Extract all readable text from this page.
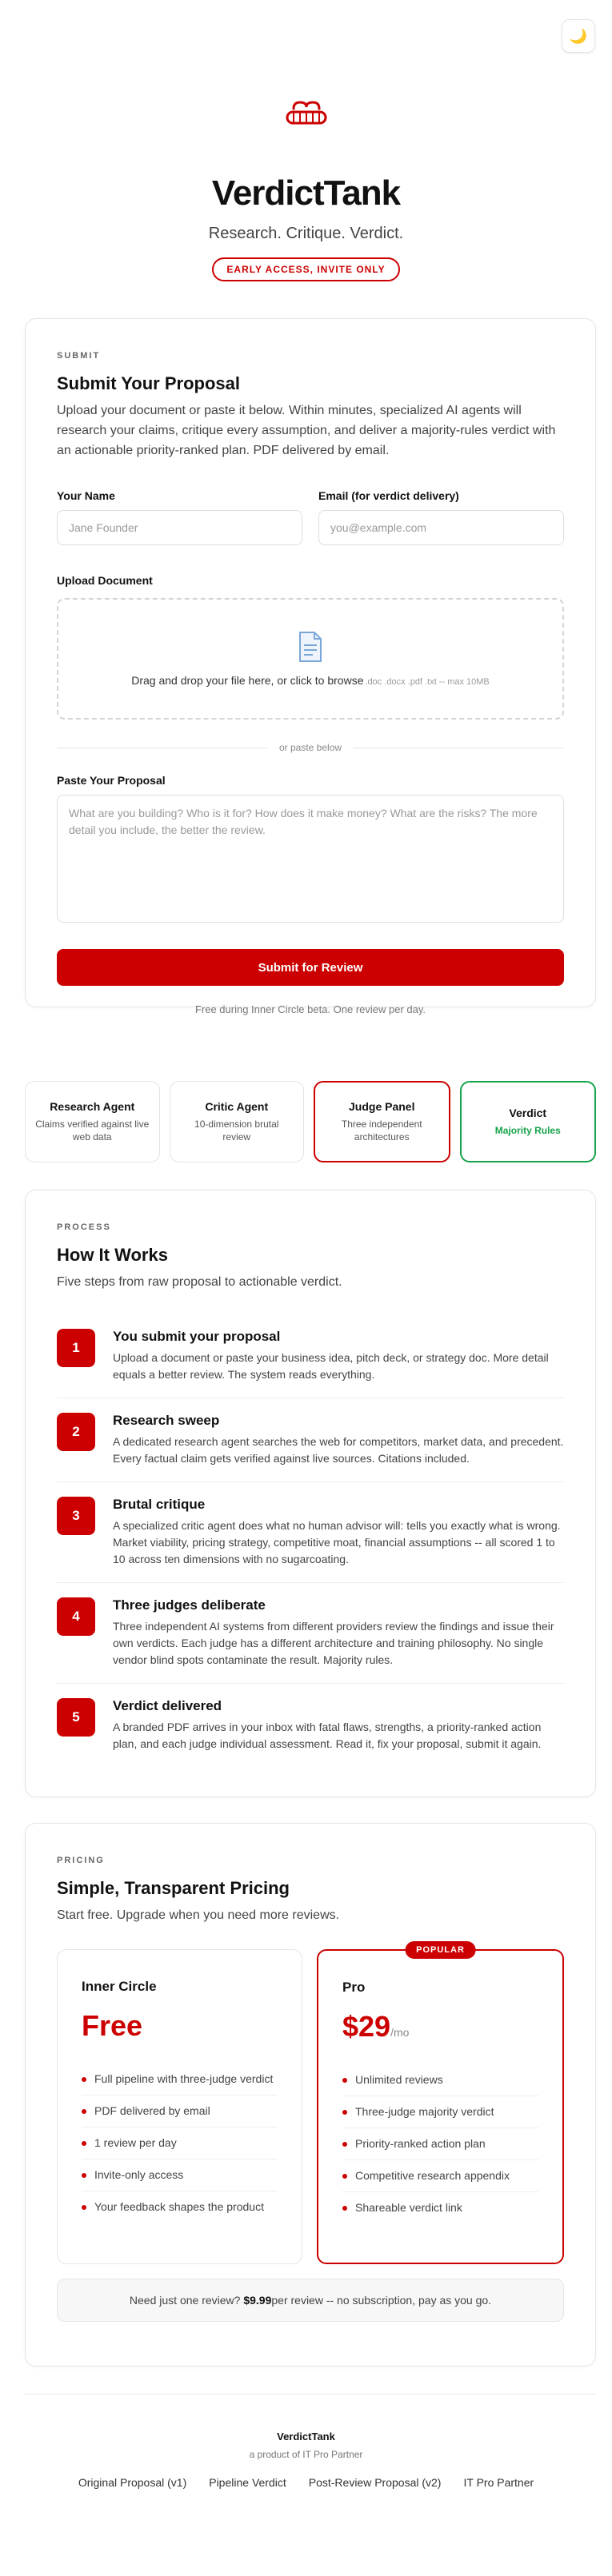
🌙
VerdictTank

Research. Critique. Verdict.

EARLY ACCESS, INVITE ONLY
SUBMIT
Submit Your Proposal

Upload your document or paste it below. Within minutes, specialized AI agents will research your claims, critique every assumption, and deliver a majority-rules verdict with an actionable priority-ranked plan. PDF delivered by email.

Your Name
Jane Founder	Email (for verdict delivery)
you@example.com
Upload Document
Drag and drop your file here, or click to browse .doc .docx .pdf .txt -- max 10MB
or paste below
Paste Your Proposal
What are you building? Who is it for? How does it make money? What are the risks? The more detail you include, the better the review.
Submit for Review

Free during Inner Circle beta. One review per day.

Research Agent
Claims verified against live web data
Critic Agent
10-dimension brutal review
Judge Panel
Three independent architectures
Verdict
Majority Rules
PROCESS
How It Works

Five steps from raw proposal to actionable verdict.

1
You submit your proposal
Upload a document or paste your business idea, pitch deck, or strategy doc. More detail equals a better review. The system reads everything.
2
Research sweep
A dedicated research agent searches the web for competitors, market data, and precedent. Every factual claim gets verified against live sources. Citations included.
3
Brutal critique
A specialized critic agent does what no human advisor will: tells you exactly what is wrong. Market viability, pricing strategy, competitive moat, financial assumptions -- all scored 1 to 10 across ten dimensions with no sugarcoating.
4
Three judges deliberate
Three independent AI systems from different providers review the findings and issue their own verdicts. Each judge has a different architecture and training philosophy. No single vendor blind spots contaminate the result. Majority rules.
5
Verdict delivered
A branded PDF arrives in your inbox with fatal flaws, strengths, a priority-ranked action plan, and each judge individual assessment. Read it, fix your proposal, submit it again.
PRICING
Simple, Transparent Pricing

Start free. Upgrade when you need more reviews.

Inner Circle
Free
Full pipeline with three-judge verdict
PDF delivered by email
1 review per day
Invite-only access
Your feedback shapes the product
POPULAR
Pro
$29/mo
Unlimited reviews
Three-judge majority verdict
Priority-ranked action plan
Competitive research appendix
Shareable verdict link
Need just one review?
$9.99 per review -- no subscription, pay as you go.
VerdictTank
a product of IT Pro Partner
Original Proposal (v1) Pipeline Verdict Post-Review Proposal (v2) IT Pro Partner
